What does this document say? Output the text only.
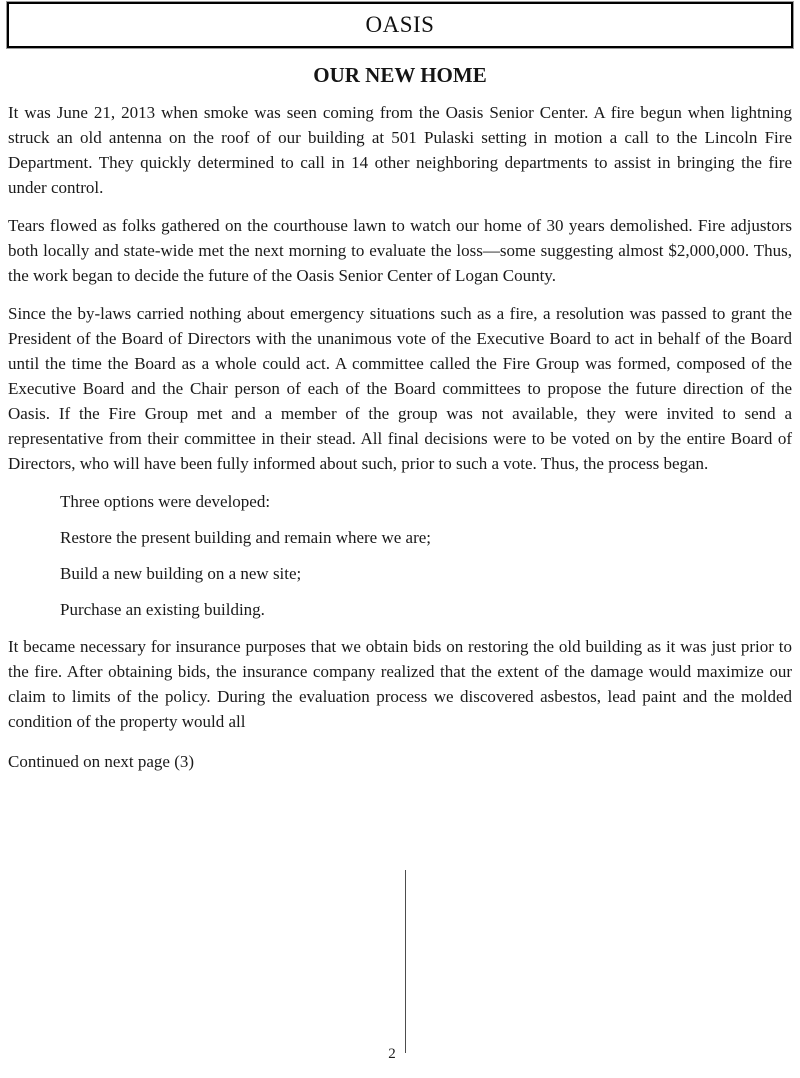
OASIS
OUR NEW HOME

It was June 21, 2013 when smoke was seen coming from the Oasis Senior Center. A fire begun when lightning struck an old antenna on the roof of our building at 501 Pulaski setting in motion a call to the Lincoln Fire Department. They quickly determined to call in 14 other neighboring departments to assist in bringing the fire under control.

Tears flowed as folks gathered on the courthouse lawn to watch our home of 30 years demolished. Fire adjustors both locally and state-wide met the next morning to evaluate the loss—some suggesting almost $2,000,000. Thus, the work began to decide the future of the Oasis Senior Center of Logan County.

Since the by-laws carried nothing about emergency situations such as a fire, a resolution was passed to grant the President of the Board of Directors with the unanimous vote of the Executive Board to act in behalf of the Board until the time the Board as a whole could act. A committee called the Fire Group was formed, composed of the Executive Board and the Chair person of each of the Board committees to propose the future direction of the Oasis. If the Fire Group met and a member of the group was not available, they were invited to send a representative from their committee in their stead. All final decisions were to be voted on by the entire Board of Directors, who will have been fully informed about such, prior to such a vote. Thus, the process began.

Three options were developed:

Restore the present building and remain where we are;

Build a new building on a new site;

Purchase an existing building.

It became necessary for insurance purposes that we obtain bids on restoring the old building as it was just prior to the fire. After obtaining bids, the insurance company realized that the extent of the damage would maximize our claim to limits of the policy. During the evaluation process we discovered asbestos, lead paint and the molded condition of the property would all

Continued on next page (3)

2
